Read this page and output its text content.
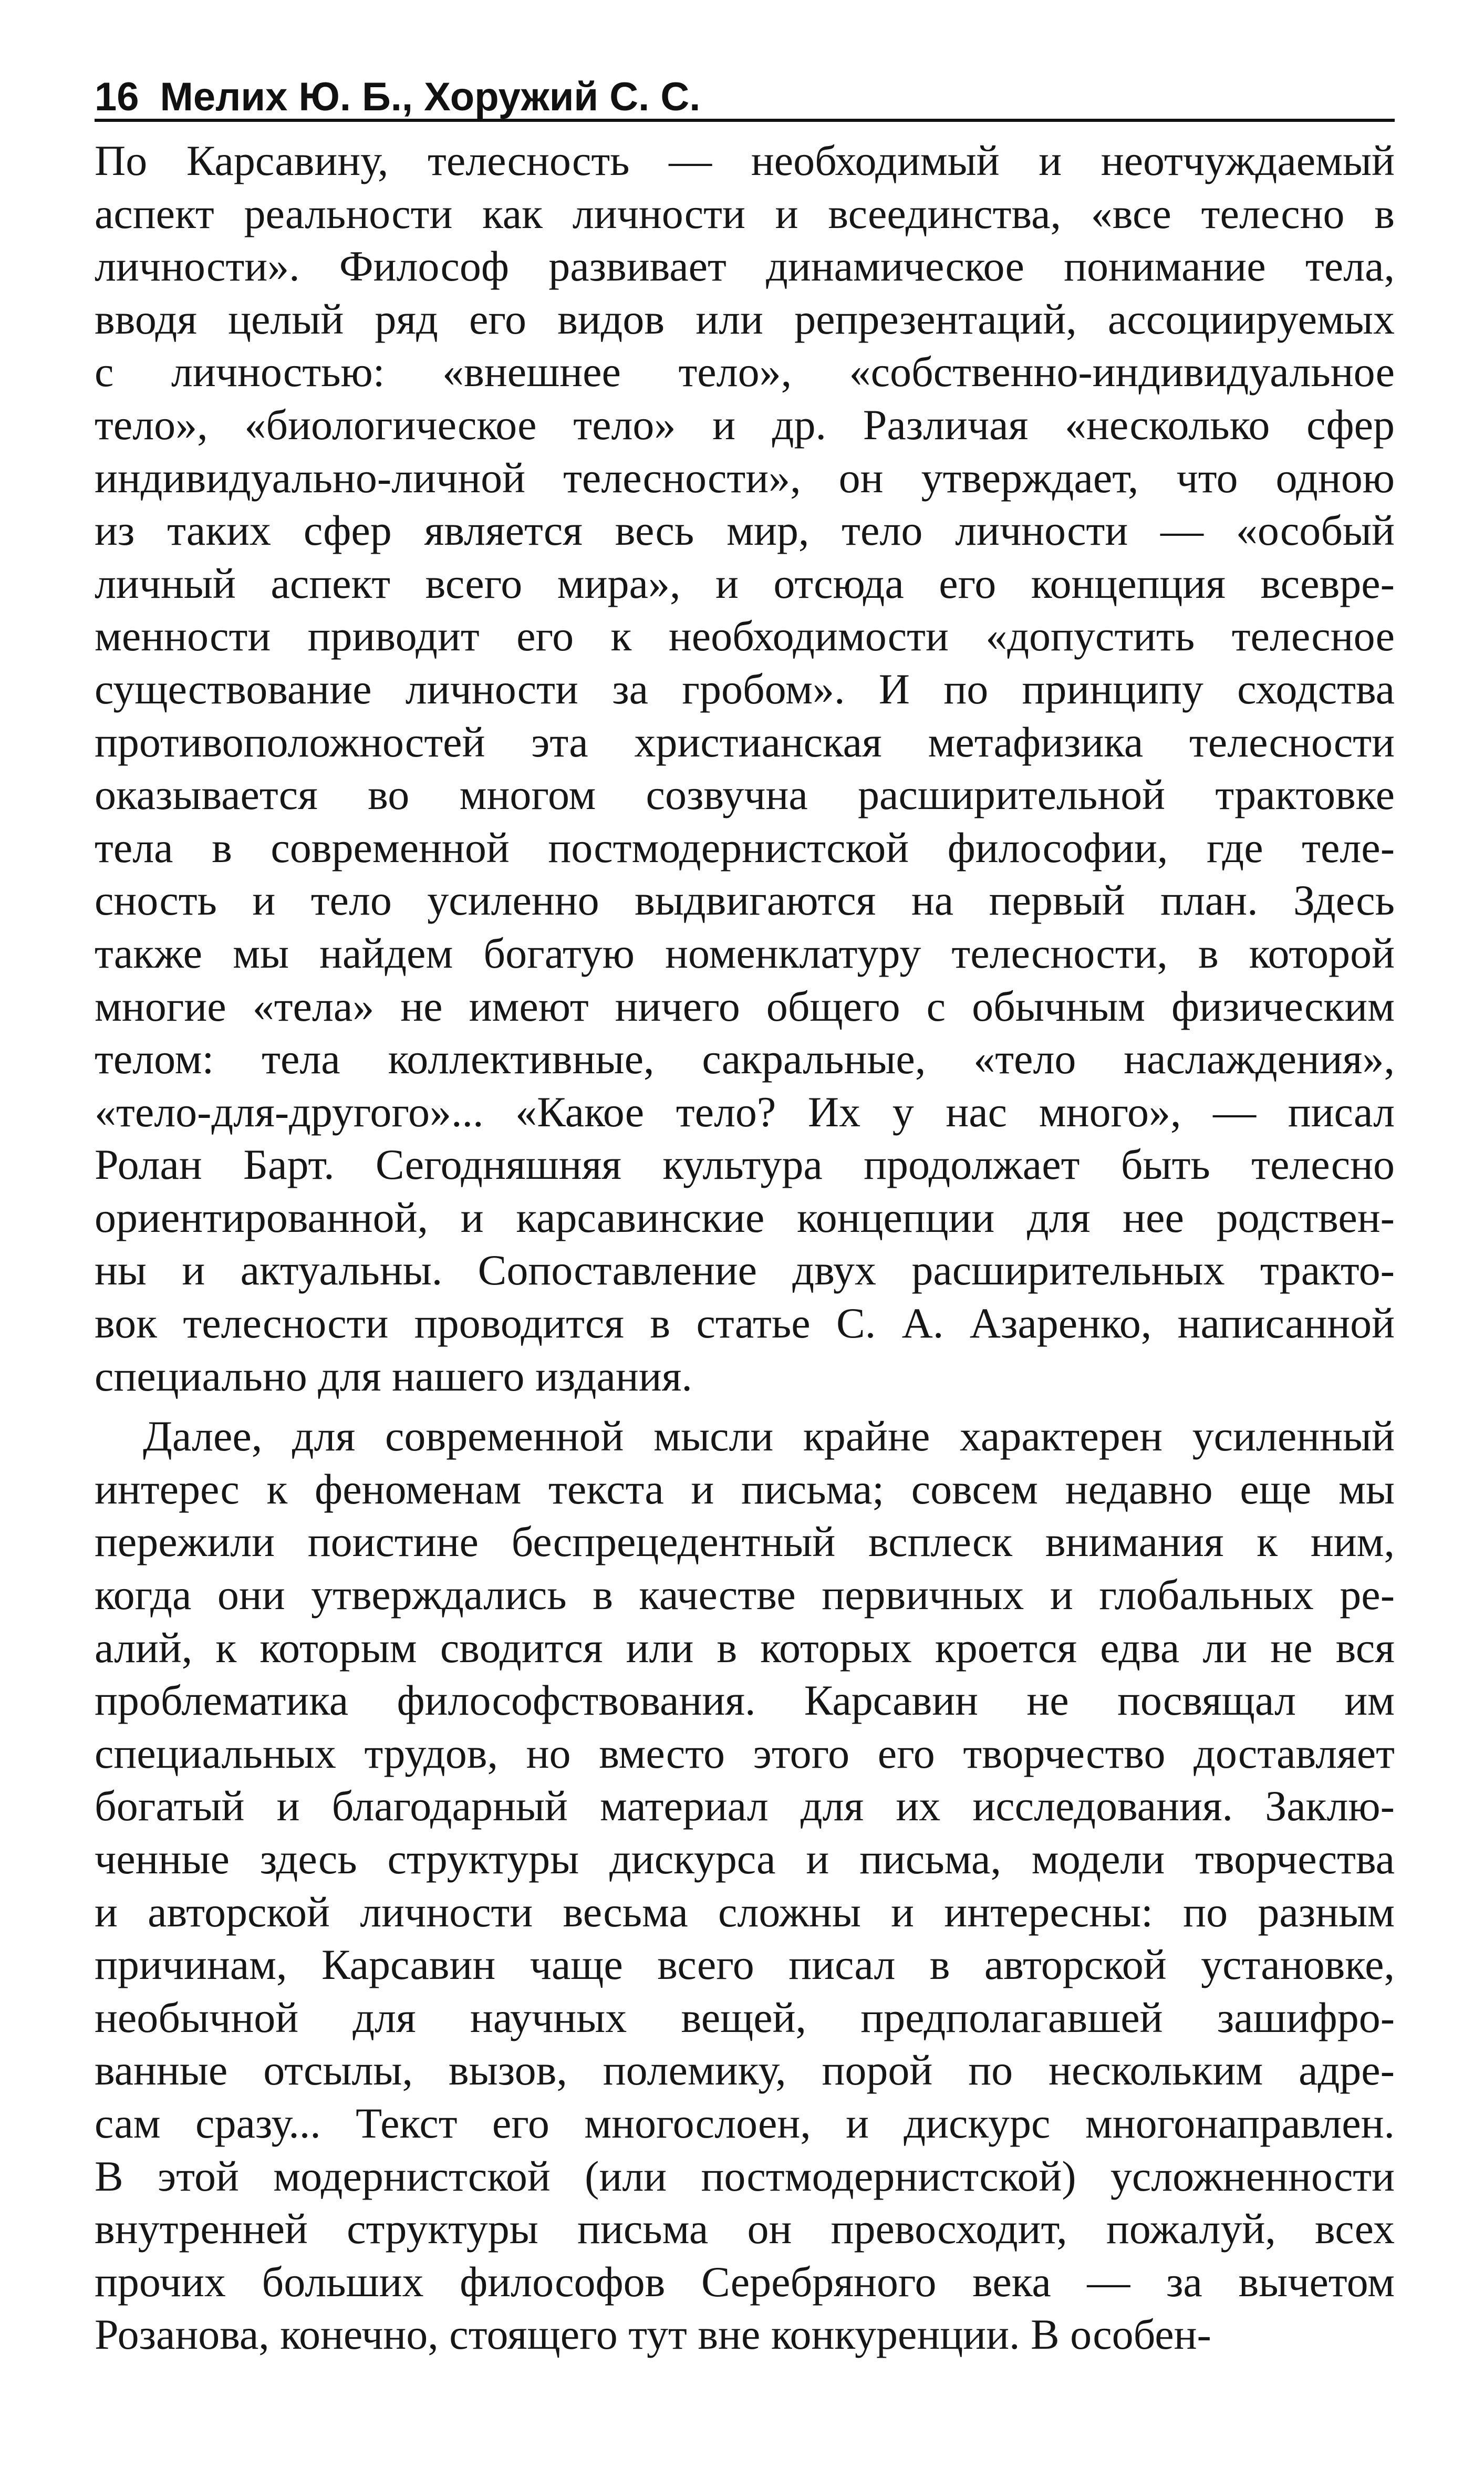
16 Мелих Ю. Б., Хоружий С. С.
По Карсавину, телесность — необходимый и неотчуждаемый
аспект реальности как личности и всеединства, «все телесно в
личности». Философ развивает динамическое понимание тела,
вводя целый ряд его видов или репрезентаций, ассоциируемых
с личностью: «внешнее тело», «собственно-индивидуальное
тело», «биологическое тело» и др. Различая «несколько сфер
индивидуально-личной телесности», он утверждает, что одною
из таких сфер является весь мир, тело личности — «особый
личный аспект всего мира», и отсюда его концепция всевре-
менности приводит его к необходимости «допустить телесное
существование личности за гробом». И по принципу сходства
противоположностей эта христианская метафизика телесности
оказывается во многом созвучна расширительной трактовке
тела в современной постмодернистской философии, где теле-
сность и тело усиленно выдвигаются на первый план. Здесь
также мы найдем богатую номенклатуру телесности, в которой
многие «тела» не имеют ничего общего с обычным физическим
телом: тела коллективные, сакральные, «тело наслаждения»,
«тело-для-другого»... «Какое тело? Их у нас много», — писал
Ролан Барт. Сегодняшняя культура продолжает быть телесно
ориентированной, и карсавинские концепции для нее родствен-
ны и актуальны. Сопоставление двух расширительных тракто-
вок телесности проводится в статье С. А. Азаренко, написанной
специально для нашего издания.
Далее, для современной мысли крайне характерен усиленный
интерес к феноменам текста и письма; совсем недавно еще мы
пережили поистине беспрецедентный всплеск внимания к ним,
когда они утверждались в качестве первичных и глобальных ре-
алий, к которым сводится или в которых кроется едва ли не вся
проблематика философствования. Карсавин не посвящал им
специальных трудов, но вместо этого его творчество доставляет
богатый и благодарный материал для их исследования. Заклю-
ченные здесь структуры дискурса и письма, модели творчества
и авторской личности весьма сложны и интересны: по разным
причинам, Карсавин чаще всего писал в авторской установке,
необычной для научных вещей, предполагавшей зашифро-
ванные отсылы, вызов, полемику, порой по нескольким адре-
сам сразу... Текст его многослоен, и дискурс многонаправлен.
В этой модернистской (или постмодернистской) усложненности
внутренней структуры письма он превосходит, пожалуй, всех
прочих больших философов Серебряного века — за вычетом
Розанова, конечно, стоящего тут вне конкуренции. В особен-
